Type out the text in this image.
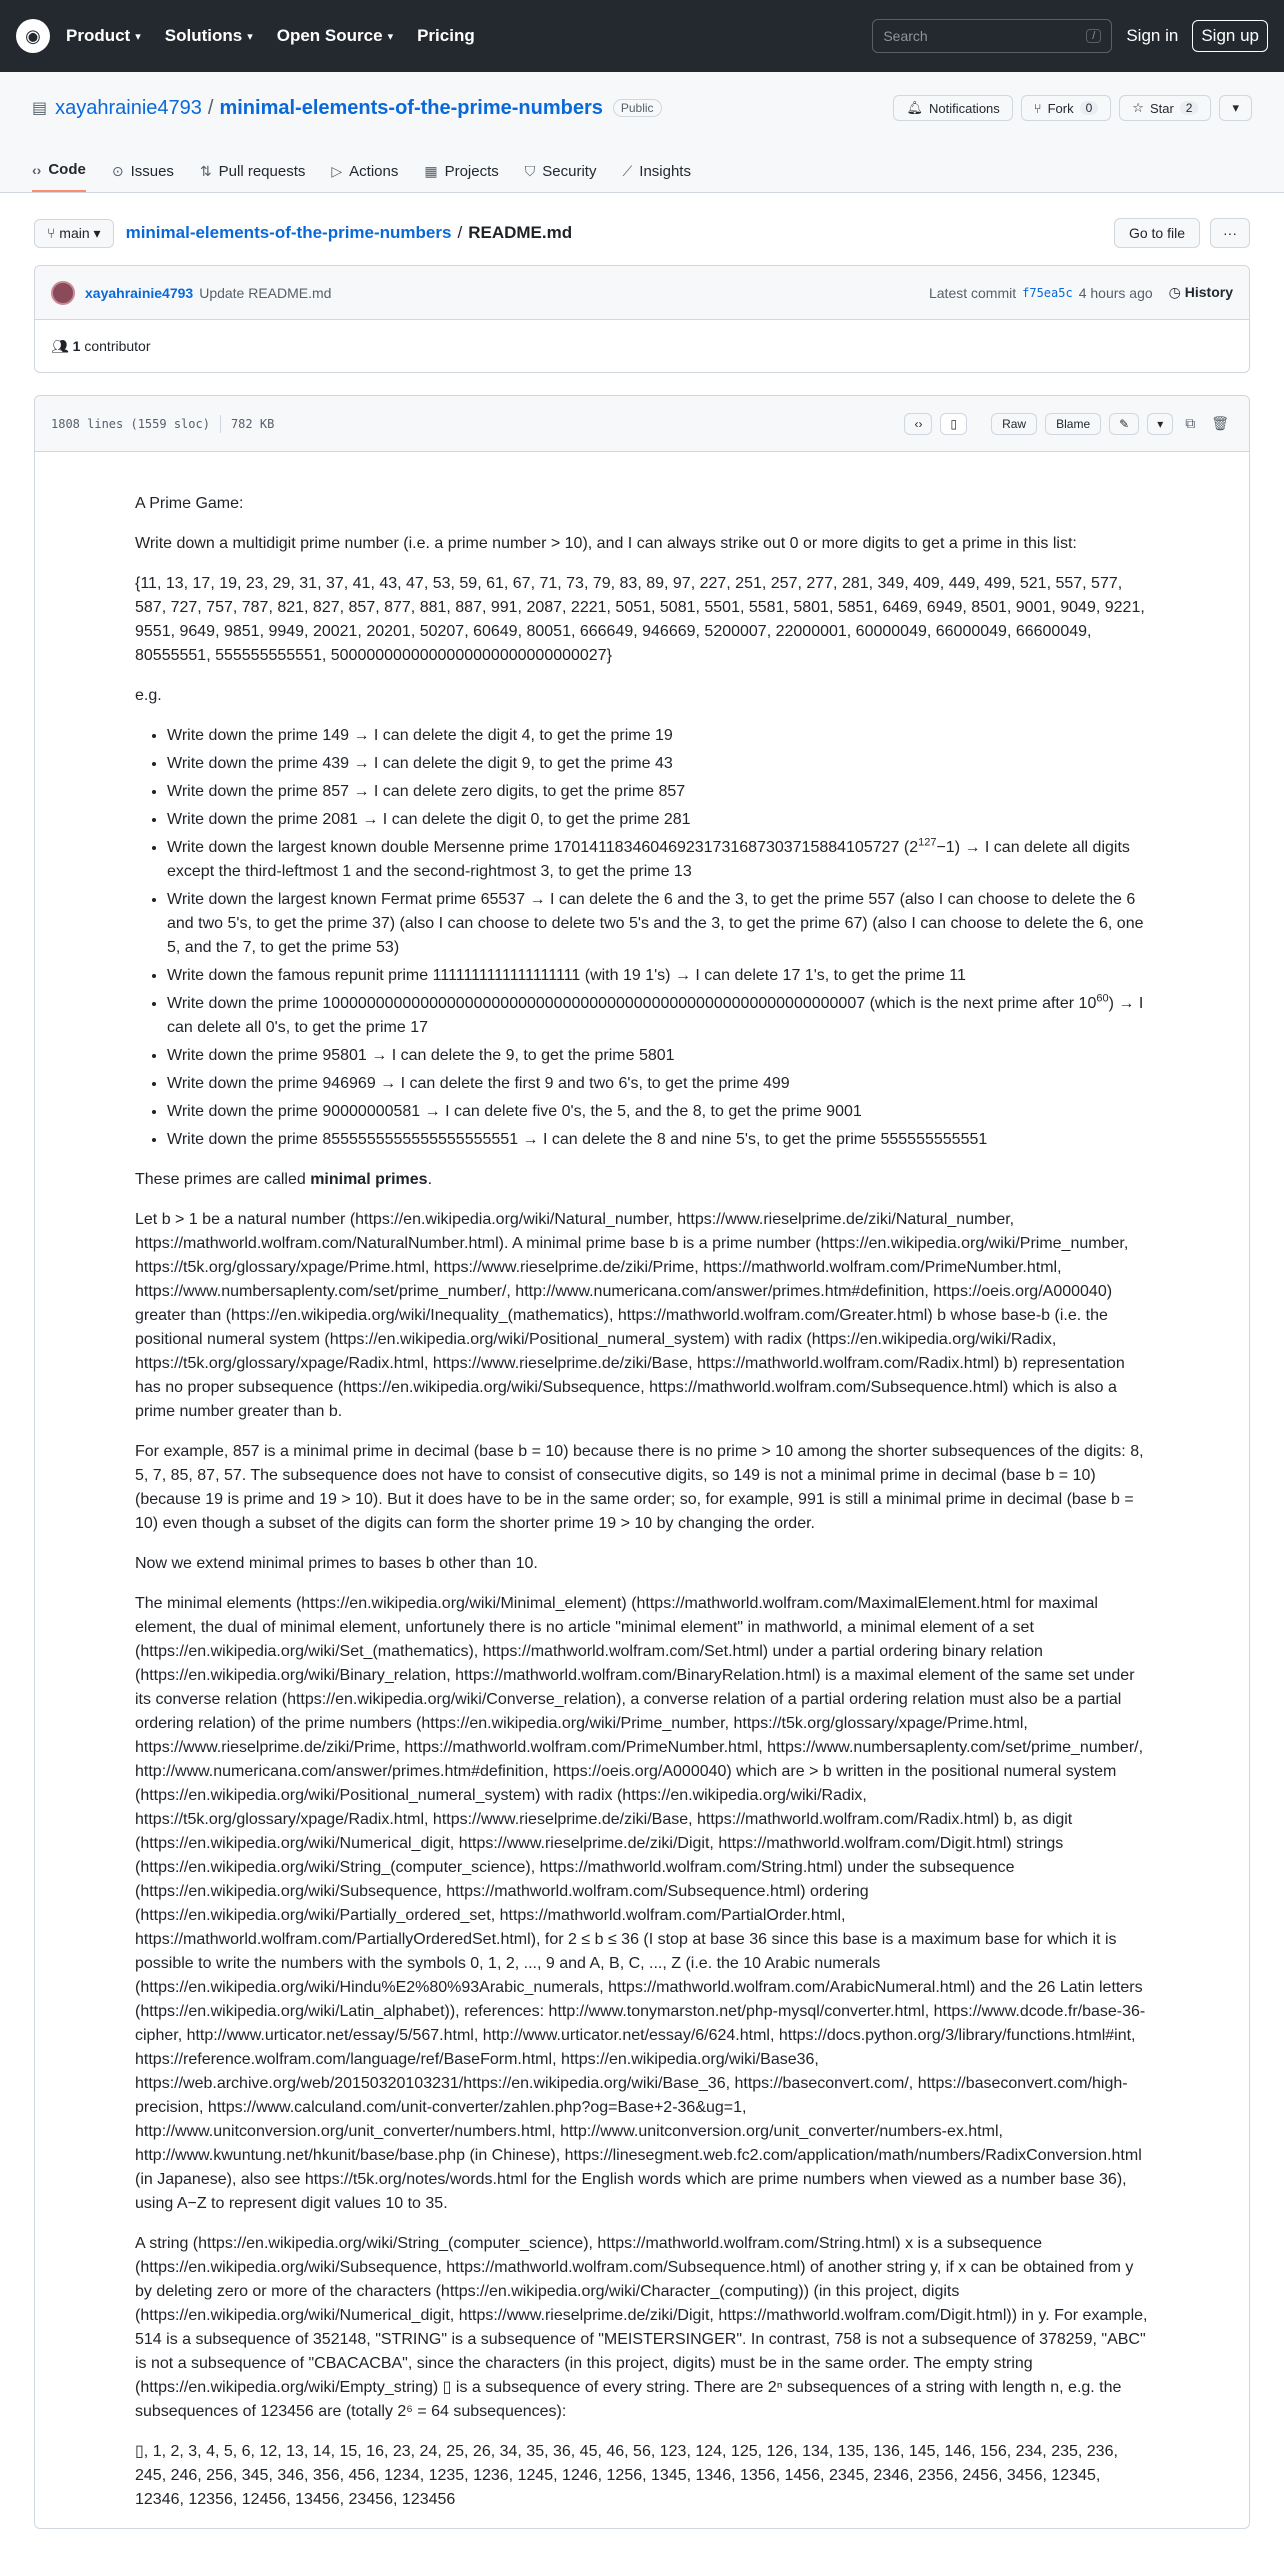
◉ Product ▾ Solutions ▾ Open Source ▾ Pricing	Search	/	Sign in	Sign up
▤ xayahrainie4793 / minimal-elements-of-the-prime-numbers	Public	🔔︎ Notifications	⑂ Fork	0	☆ Star	2	▾
‹› Code ⊙ Issues ⇅ Pull requests ▷ Actions ▦ Projects ⛉ Security ⟋ Insights
⑂ main ▾	minimal-elements-of-the-prime-numbers / README.md	Go to file	···
xayahrainie4793 Update README.md	Latest commit f75ea5c 4 hours ago ◷ History
👥︎ 1
contributor
1808 lines (1559 sloc) 782 KB	‹›	▯	Raw	Blame	✎	▾	⧉ 🗑︎

A Prime Game:

Write down a multidigit prime number (i.e. a prime number > 10), and I can always strike out 0 or more digits to get a prime in this list:

{11, 13, 17, 19, 23, 29, 31, 37, 41, 43, 47, 53, 59, 61, 67, 71, 73, 79, 83, 89, 97, 227, 251, 257, 277, 281, 349, 409, 449, 499, 521, 557, 577, 587, 727, 757, 787, 821, 827, 857, 877, 881, 887, 991, 2087, 2221, 5051, 5081, 5501, 5581, 5801, 5851, 6469, 6949, 8501, 9001, 9049, 9221, 9551, 9649, 9851, 9949, 20021, 20201, 50207, 60649, 80051, 666649, 946669, 5200007, 22000001, 60000049, 66000049, 66600049, 80555551, 555555555551, 5000000000000000000000000000027}

e.g.

• Write down the prime 149 → I can delete the digit 4, to get the prime 19
• Write down the prime 439 → I can delete the digit 9, to get the prime 43
• Write down the prime 857 → I can delete zero digits, to get the prime 857
• Write down the prime 2081 → I can delete the digit 0, to get the prime 281
• Write down the largest known double Mersenne prime 170141183460469231731687303715884105727 $(2^{127}-1) \to I$ can delete all digits except the third-leftmost 1 and the second-rightmost 3, to get the prime 13
• Write down the largest known Fermat prime 65537 → I can delete the 6 and the 3, to get the prime 557 (also I can choose to delete the 6 and two 5's, to get the prime 37) (also I can choose to delete two 5's and the 3, to get the prime 67) (also I can choose to delete the 6, one 5, and the 7, to get the prime 53)
• Write down the famous repunit prime 1111111111111111111 (with 19 1's) → I can delete 17 1's, to get the prime 11
• Write down the prime 1000000000000000000000000000000000000000000000000000000000007 (which is the next prime after $10^{60}) \to I$ can delete all 0's, to get the prime 17
• Write down the prime 95801 → I can delete the 9, to get the prime 5801
• Write down the prime 946969 → I can delete the first 9 and two 6's, to get the prime 499
• Write down the prime 90000000581 → I can delete five 0's, the 5, and the 8, to get the prime 9001
• Write down the prime 8555555555555555555551 → I can delete the 8 and nine 5's, to get the prime 555555555551

These primes are called minimal primes.

Let b > 1 be a natural number (https://en.wikipedia.org/wiki/Natural_number, https://www.rieselprime.de/ziki/Natural_number, https://mathworld.wolfram.com/NaturalNumber.html). A minimal prime base b is a prime number (https://en.wikipedia.org/wiki/Prime_number, https://t5k.org/glossary/xpage/Prime.html, https://www.rieselprime.de/ziki/Prime, https://mathworld.wolfram.com/PrimeNumber.html, https://www.numbersaplenty.com/set/prime_number/, http://www.numericana.com/answer/primes.htm#definition, https://oeis.org/A000040) greater than (https://en.wikipedia.org/wiki/Inequality_(mathematics), https://mathworld.wolfram.com/Greater.html) b whose base-b (i.e. the positional numeral system (https://en.wikipedia.org/wiki/Positional_numeral_system) with radix (https://en.wikipedia.org/wiki/Radix, https://t5k.org/glossary/xpage/Radix.html, https://www.rieselprime.de/ziki/Base, https://mathworld.wolfram.com/Radix.html) b) representation has no proper subsequence (https://en.wikipedia.org/wiki/Subsequence, https://mathworld.wolfram.com/Subsequence.html) which is also a prime number greater than b.

For example, 857 is a minimal prime in decimal (base b = 10) because there is no prime > 10 among the shorter subsequences of the digits: 8, 5, 7, 85, 87, 57. The subsequence does not have to consist of consecutive digits, so 149 is not a minimal prime in decimal (base b = 10) (because 19 is prime and 19 > 10). But it does have to be in the same order; so, for example, 991 is still a minimal prime in decimal (base b = 10) even though a subset of the digits can form the shorter prime 19 > 10 by changing the order.

Now we extend minimal primes to bases b other than 10.

The minimal elements (https://en.wikipedia.org/wiki/Minimal_element) (https://mathworld.wolfram.com/MaximalElement.html for maximal element, the dual of minimal element, unfortunely there is no article "minimal element" in mathworld, a minimal element of a set (https://en.wikipedia.org/wiki/Set_(mathematics), https://mathworld.wolfram.com/Set.html) under a partial ordering binary relation (https://en.wikipedia.org/wiki/Binary_relation, https://mathworld.wolfram.com/BinaryRelation.html) is a maximal element of the same set under its converse relation (https://en.wikipedia.org/wiki/Converse_relation), a converse relation of a partial ordering relation must also be a partial ordering relation) of the prime numbers (https://en.wikipedia.org/wiki/Prime_number, https://t5k.org/glossary/xpage/Prime.html, https://www.rieselprime.de/ziki/Prime, https://mathworld.wolfram.com/PrimeNumber.html, https://www.numbersaplenty.com/set/prime_number/, http://www.numericana.com/answer/primes.htm#definition, https://oeis.org/A000040) which are > b written in the positional numeral system (https://en.wikipedia.org/wiki/Positional_numeral_system) with radix (https://en.wikipedia.org/wiki/Radix, https://t5k.org/glossary/xpage/Radix.html, https://www.rieselprime.de/ziki/Base, https://mathworld.wolfram.com/Radix.html) b, as digit (https://en.wikipedia.org/wiki/Numerical_digit, https://www.rieselprime.de/ziki/Digit, https://mathworld.wolfram.com/Digit.html) strings (https://en.wikipedia.org/wiki/String_(computer_science), https://mathworld.wolfram.com/String.html) under the subsequence (https://en.wikipedia.org/wiki/Subsequence, https://mathworld.wolfram.com/Subsequence.html) ordering (https://en.wikipedia.org/wiki/Partially_ordered_set, https://mathworld.wolfram.com/PartialOrder.html, https://mathworld.wolfram.com/PartiallyOrderedSet.html), for 2 ≤ b ≤ 36 (I stop at base 36 since this base is a maximum base for which it is possible to write the numbers with the symbols 0, 1, 2, ..., 9 and A, B, C, ..., Z (i.e. the 10 Arabic numerals (https://en.wikipedia.org/wiki/Hindu%E2%80%93Arabic_numerals, https://mathworld.wolfram.com/ArabicNumeral.html) and the 26 Latin letters (https://en.wikipedia.org/wiki/Latin_alphabet)), references: http://www.tonymarston.net/php-mysql/converter.html, https://www.dcode.fr/base-36-cipher, http://www.urticator.net/essay/5/567.html, http://www.urticator.net/essay/6/624.html, https://docs.python.org/3/library/functions.html#int, https://reference.wolfram.com/language/ref/BaseForm.html, https://en.wikipedia.org/wiki/Base36, https://web.archive.org/web/20150320103231/https://en.wikipedia.org/wiki/Base_36, https://baseconvert.com/, https://baseconvert.com/high-precision, https://www.calculand.com/unit-converter/zahlen.php?og=Base+2-36&ug=1, http://www.unitconversion.org/unit_converter/numbers.html, http://www.unitconversion.org/unit_converter/numbers-ex.html, http://www.kwuntung.net/hkunit/base/base.php (in Chinese), https://linesegment.web.fc2.com/application/math/numbers/RadixConversion.html (in Japanese), also see https://t5k.org/notes/words.html for the English words which are prime numbers when viewed as a number base 36), using A−Z to represent digit values 10 to 35.

A string (https://en.wikipedia.org/wiki/String_(computer_science), https://mathworld.wolfram.com/String.html) x is a subsequence (https://en.wikipedia.org/wiki/Subsequence, https://mathworld.wolfram.com/Subsequence.html) of another string y, if x can be obtained from y by deleting zero or more of the characters (https://en.wikipedia.org/wiki/Character_(computing)) (in this project, digits (https://en.wikipedia.org/wiki/Numerical_digit, https://www.rieselprime.de/ziki/Digit, https://mathworld.wolfram.com/Digit.html)) in y. For example, 514 is a subsequence of 352148, "STRING" is a subsequence of "MEISTERSINGER". In contrast, 758 is not a subsequence of 378259, "ABC" is not a subsequence of "CBACACBA", since the characters (in this project, digits) must be in the same order. The empty string (https://en.wikipedia.org/wiki/Empty_string) ▯ is a subsequence of every string. There are 2ⁿ subsequences of a string with length n, e.g. the subsequences of 123456 are (totally 2⁶ = 64 subsequences):

▯, 1, 2, 3, 4, 5, 6, 12, 13, 14, 15, 16, 23, 24, 25, 26, 34, 35, 36, 45, 46, 56, 123, 124, 125, 126, 134, 135, 136, 145, 146, 156, 234, 235, 236, 245, 246, 256, 345, 346, 356, 456, 1234, 1235, 1236, 1245, 1246, 1256, 1345, 1346, 1356, 1456, 2345, 2346, 2356, 2456, 3456, 12345, 12346, 12356, 12456, 13456, 23456, 123456
